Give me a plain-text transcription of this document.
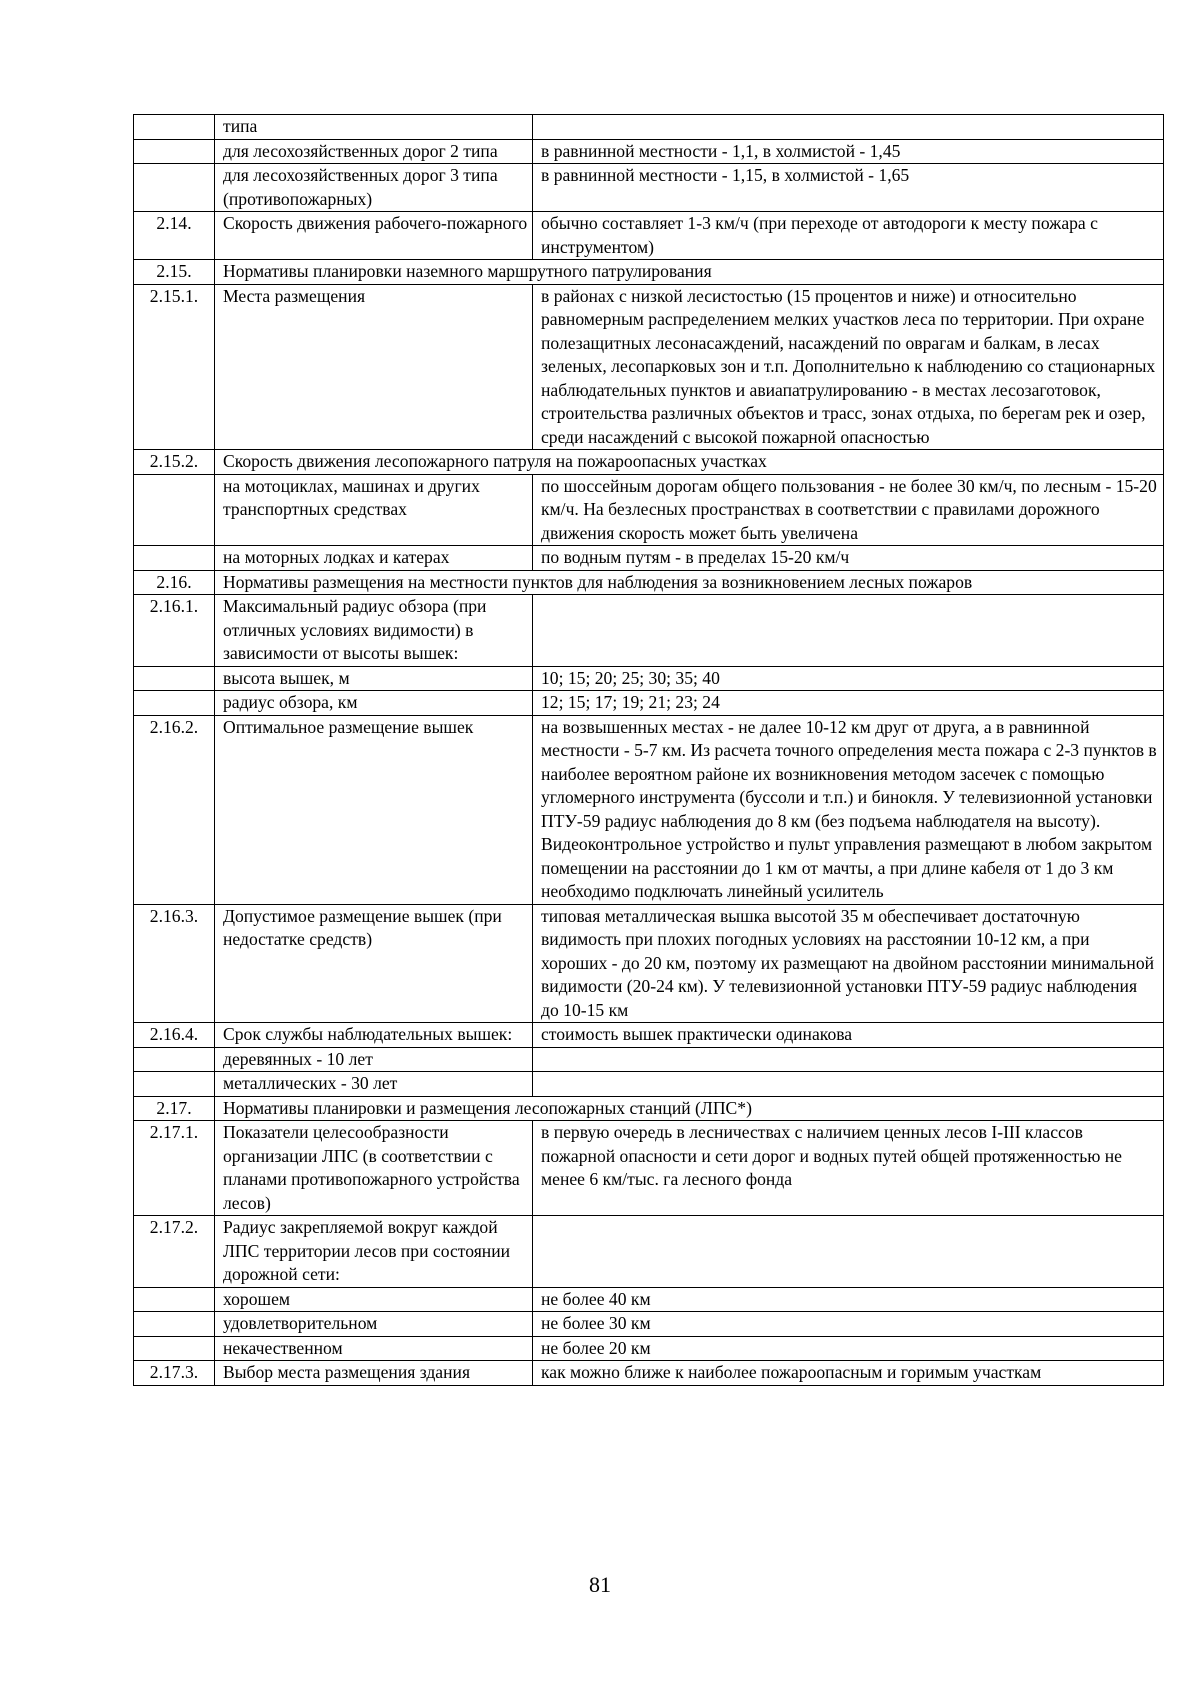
	типа	
	для лесохозяйственных дорог 2 типа	в равнинной местности - 1,1, в холмистой - 1,45
	для лесохозяйственных дорог 3 типа (противопожарных)	в равнинной местности - 1,15, в холмистой - 1,65
2.14.	Скорость движения рабочего-пожарного	обычно составляет 1-3 км/ч (при переходе от автодороги к месту пожара с инструментом)
2.15.	Нормативы планировки наземного маршрутного патрулирования	
2.15.1.	Места размещения	в районах с низкой лесистостью (15 процентов и ниже) и относительно равномерным распределением мелких участков леса по территории. При охране полезащитных лесонасаждений, насаждений по оврагам и балкам, в лесах зеленых, лесопарковых зон и т.п. Дополнительно к наблюдению со стационарных наблюдательных пунктов и авиапатрулированию - в местах лесозаготовок, строительства различных объектов и трасс, зонах отдыха, по берегам рек и озер, среди насаждений с высокой пожарной опасностью
2.15.2.	Скорость движения лесопожарного патруля на пожароопасных участках	
	на мотоциклах, машинах и других транспортных средствах	по шоссейным дорогам общего пользования - не более 30 км/ч, по лесным - 15-20 км/ч. На безлесных пространствах в соответствии с правилами дорожного движения скорость может быть увеличена
	на моторных лодках и катерах	по водным путям - в пределах 15-20 км/ч
2.16.	Нормативы размещения на местности пунктов для наблюдения за возникновением лесных пожаров	
2.16.1.	Максимальный радиус обзора (при отличных условиях видимости) в зависимости от высоты вышек:	
	высота вышек, м	10; 15; 20; 25; 30; 35; 40
	радиус обзора, км	12; 15; 17; 19; 21; 23; 24
2.16.2.	Оптимальное размещение вышек	на возвышенных местах - не далее 10-12 км друг от друга, а в равнинной местности - 5-7 км. Из расчета точного определения места пожара с 2-3 пунктов в наиболее вероятном районе их возникновения методом засечек с помощью угломерного инструмента (буссоли и т.п.) и бинокля. У телевизионной установки ПТУ-59 радиус наблюдения до 8 км (без подъема наблюдателя на высоту). Видеоконтрольное устройство и пульт управления размещают в любом закрытом помещении на расстоянии до 1 км от мачты, а при длине кабеля от 1 до 3 км необходимо подключать линейный усилитель
2.16.3.	Допустимое размещение вышек (при недостатке средств)	типовая металлическая вышка высотой 35 м обеспечивает достаточную видимость при плохих погодных условиях на расстоянии 10-12 км, а при хороших - до 20 км, поэтому их размещают на двойном расстоянии минимальной видимости (20-24 км). У телевизионной установки ПТУ-59 радиус наблюдения до 10-15 км
2.16.4.	Срок службы наблюдательных вышек:	стоимость вышек практически одинакова
	деревянных - 10 лет	
	металлических - 30 лет	
2.17.	Нормативы планировки и размещения лесопожарных станций (ЛПС*)	
2.17.1.	Показатели целесообразности организации ЛПС (в соответствии с планами противопожарного устройства лесов)	в первую очередь в лесничествах с наличием ценных лесов I-III классов пожарной опасности и сети дорог и водных путей общей протяженностью не менее 6 км/тыс. га лесного фонда
2.17.2.	Радиус закрепляемой вокруг каждой ЛПС территории лесов при состоянии дорожной сети:	
	хорошем	не более 40 км
	удовлетворительном	не более 30 км
	некачественном	не более 20 км
2.17.3.	Выбор места размещения здания	как можно ближе к наиболее пожароопасным и горимым участкам
81
